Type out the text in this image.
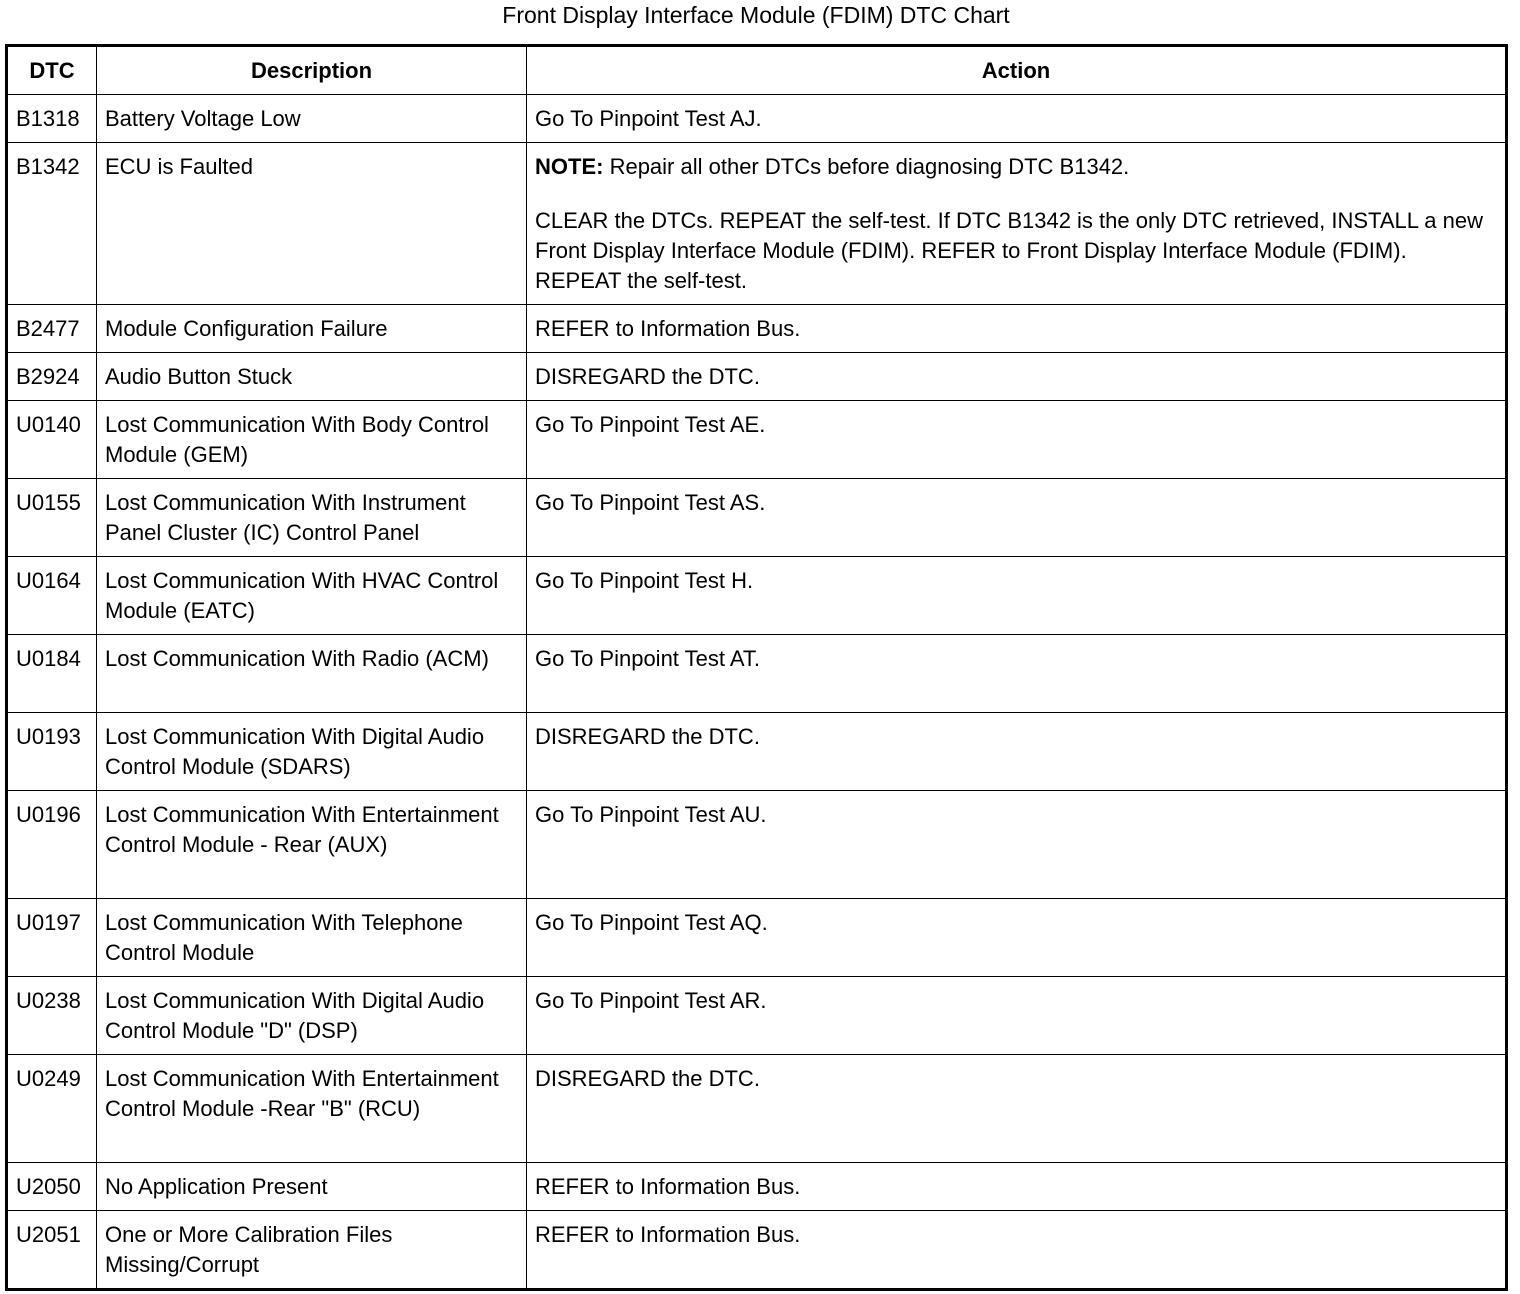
Front Display Interface Module (FDIM) DTC Chart
DTC	Description	Action
B1318	Battery Voltage Low	Go To Pinpoint Test AJ.
B1342	ECU is Faulted	NOTE: Repair all other DTCs before diagnosing DTC B1342.
CLEAR the DTCs. REPEAT the self-test. If DTC B1342 is the only DTC retrieved, INSTALL a new Front Display Interface Module (FDIM). REFER to Front Display Interface Module (FDIM). REPEAT the self-test.

B2477	Module Configuration Failure	REFER to Information Bus.
B2924	Audio Button Stuck	DISREGARD the DTC.
U0140	Lost Communication With Body Control Module (GEM)	Go To Pinpoint Test AE.
U0155	Lost Communication With Instrument Panel Cluster (IC) Control Panel	Go To Pinpoint Test AS.
U0164	Lost Communication With HVAC Control Module (EATC)	Go To Pinpoint Test H.
U0184	Lost Communication With Radio (ACM)	Go To Pinpoint Test AT.
U0193	Lost Communication With Digital Audio Control Module (SDARS)	DISREGARD the DTC.
U0196	Lost Communication With Entertainment Control Module - Rear (AUX)	Go To Pinpoint Test AU.
U0197	Lost Communication With Telephone Control Module	Go To Pinpoint Test AQ.
U0238	Lost Communication With Digital Audio Control Module "D" (DSP)	Go To Pinpoint Test AR.
U0249	Lost Communication With Entertainment Control Module -Rear "B" (RCU)	DISREGARD the DTC.
U2050	No Application Present	REFER to Information Bus.
U2051	One or More Calibration Files Missing/Corrupt	REFER to Information Bus.
